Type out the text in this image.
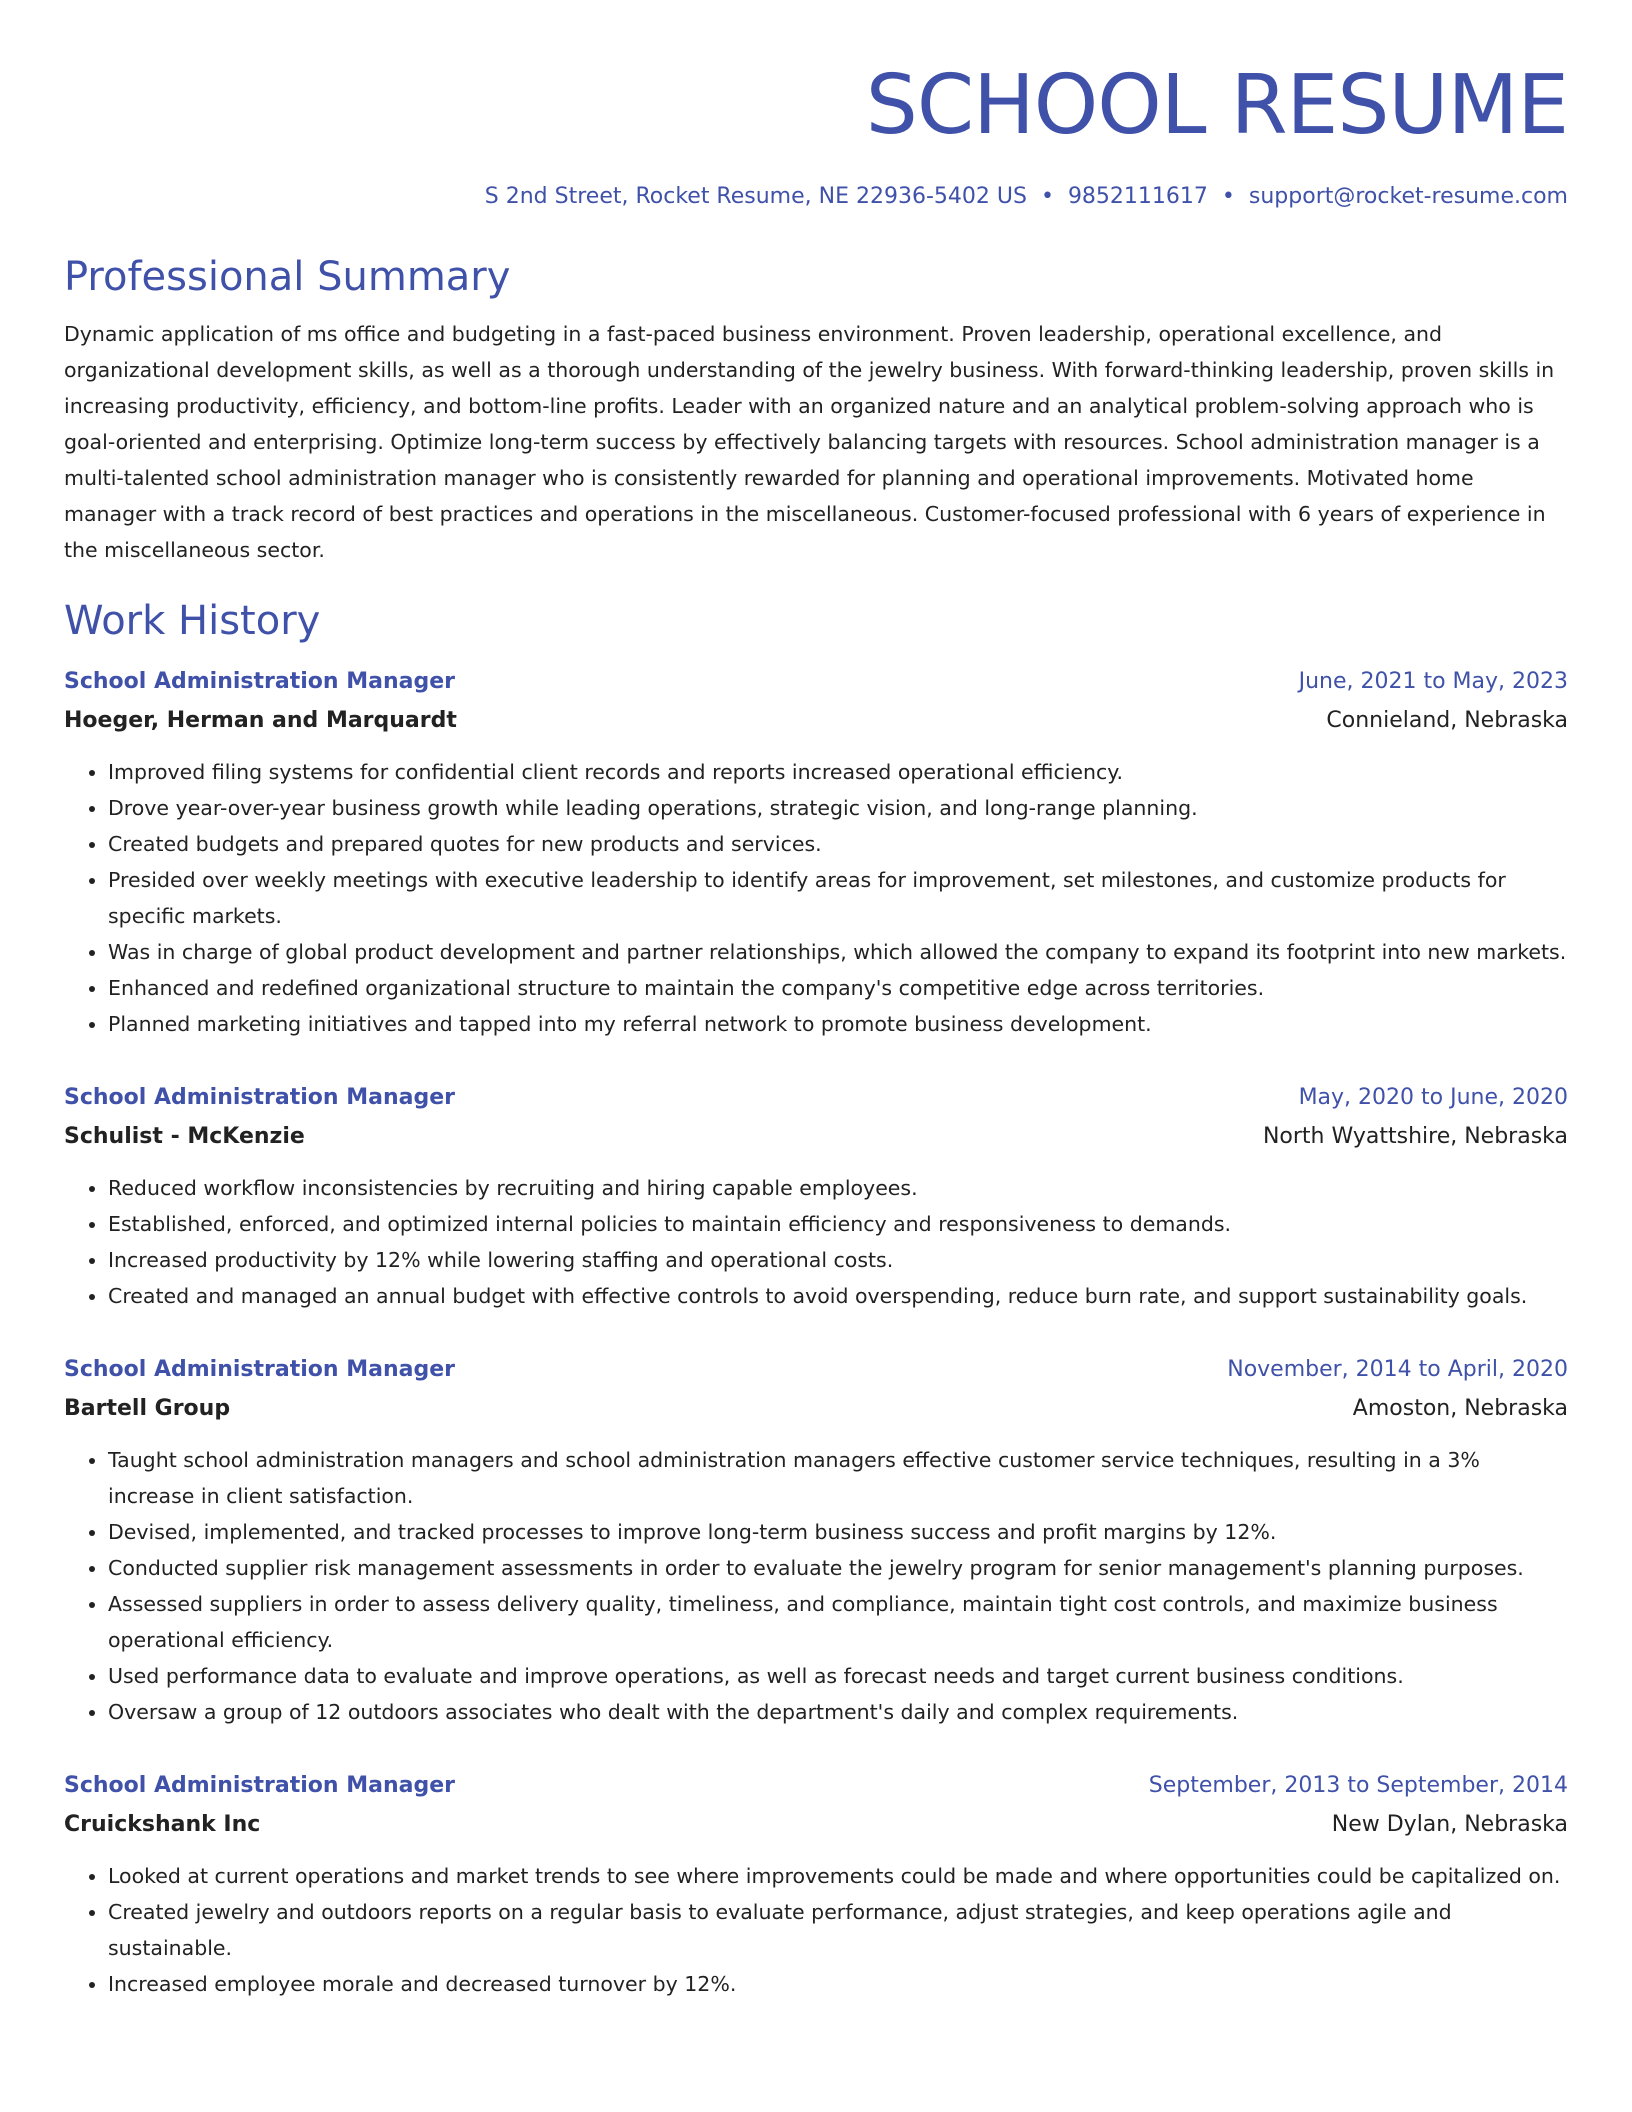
SCHOOL RESUME
S 2nd Street, Rocket Resume, NE 22936-5402 US • 9852111617 • support@rocket-resume.com
Professional Summary

Dynamic application of ms office and budgeting in a fast-paced business environment. Proven leadership, operational excellence, and organizational development skills, as well as a thorough understanding of the jewelry business. With forward-thinking leadership, proven skills in increasing productivity, efficiency, and bottom-line profits. Leader with an organized nature and an analytical problem-solving approach who is goal-oriented and enterprising. Optimize long-term success by effectively balancing targets with resources. School administration manager is a multi-talented school administration manager who is consistently rewarded for planning and operational improvements. Motivated home manager with a track record of best practices and operations in the miscellaneous. Customer-focused professional with 6 years of experience in the miscellaneous sector.

Work History
School Administration Manager	June, 2021 to May, 2023
Hoeger, Herman and Marquardt	Connieland, Nebraska
• Improved filing systems for confidential client records and reports increased operational efficiency.
• Drove year-over-year business growth while leading operations, strategic vision, and long-range planning.
• Created budgets and prepared quotes for new products and services.
• Presided over weekly meetings with executive leadership to identify areas for improvement, set milestones, and customize products for specific markets.
• Was in charge of global product development and partner relationships, which allowed the company to expand its footprint into new markets.
• Enhanced and redefined organizational structure to maintain the company's competitive edge across territories.
• Planned marketing initiatives and tapped into my referral network to promote business development.
School Administration Manager	May, 2020 to June, 2020
Schulist - McKenzie	North Wyattshire, Nebraska
• Reduced workflow inconsistencies by recruiting and hiring capable employees.
• Established, enforced, and optimized internal policies to maintain efficiency and responsiveness to demands.
• Increased productivity by 12% while lowering staffing and operational costs.
• Created and managed an annual budget with effective controls to avoid overspending, reduce burn rate, and support sustainability goals.
School Administration Manager	November, 2014 to April, 2020
Bartell Group	Amoston, Nebraska
• Taught school administration managers and school administration managers effective customer service techniques, resulting in a 3% increase in client satisfaction.
• Devised, implemented, and tracked processes to improve long-term business success and profit margins by 12%.
• Conducted supplier risk management assessments in order to evaluate the jewelry program for senior management's planning purposes.
• Assessed suppliers in order to assess delivery quality, timeliness, and compliance, maintain tight cost controls, and maximize business operational efficiency.
• Used performance data to evaluate and improve operations, as well as forecast needs and target current business conditions.
• Oversaw a group of 12 outdoors associates who dealt with the department's daily and complex requirements.
School Administration Manager	September, 2013 to September, 2014
Cruickshank Inc	New Dylan, Nebraska
• Looked at current operations and market trends to see where improvements could be made and where opportunities could be capitalized on.
• Created jewelry and outdoors reports on a regular basis to evaluate performance, adjust strategies, and keep operations agile and sustainable.
• Increased employee morale and decreased turnover by 12%.
